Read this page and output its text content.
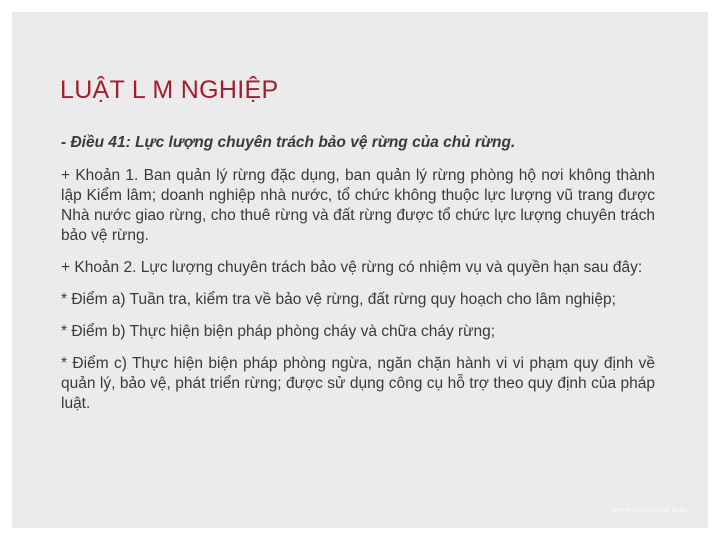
LUẬT L M NGHIỆP

- Điều 41: Lực lượng chuyên trách bảo vệ rừng của chủ rừng.

+ Khoản 1. Ban quản lý rừng đặc dụng, ban quản lý rừng phòng hộ nơi không thành lập Kiểm lâm; doanh nghiệp nhà nước, tổ chức không thuộc lực lượng vũ trang được Nhà nước giao rừng, cho thuê rừng và đất rừng được tổ chức lực lượng chuyên trách bảo vệ rừng.

+ Khoản 2. Lực lượng chuyên trách bảo vệ rừng có nhiệm vụ và quyền hạn sau đây:

* Điểm a) Tuần tra, kiểm tra về bảo vệ rừng, đất rừng quy hoạch cho lâm nghiệp;

* Điểm b) Thực hiện biện pháp phòng cháy và chữa cháy rừng;

* Điểm c) Thực hiện biện pháp phòng ngừa, ngăn chặn hành vi vi phạm quy định về quản lý, bảo vệ, phát triển rừng; được sử dụng công cụ hỗ trợ theo quy định của pháp luật.

PPT PHOTO COLOR HERE
